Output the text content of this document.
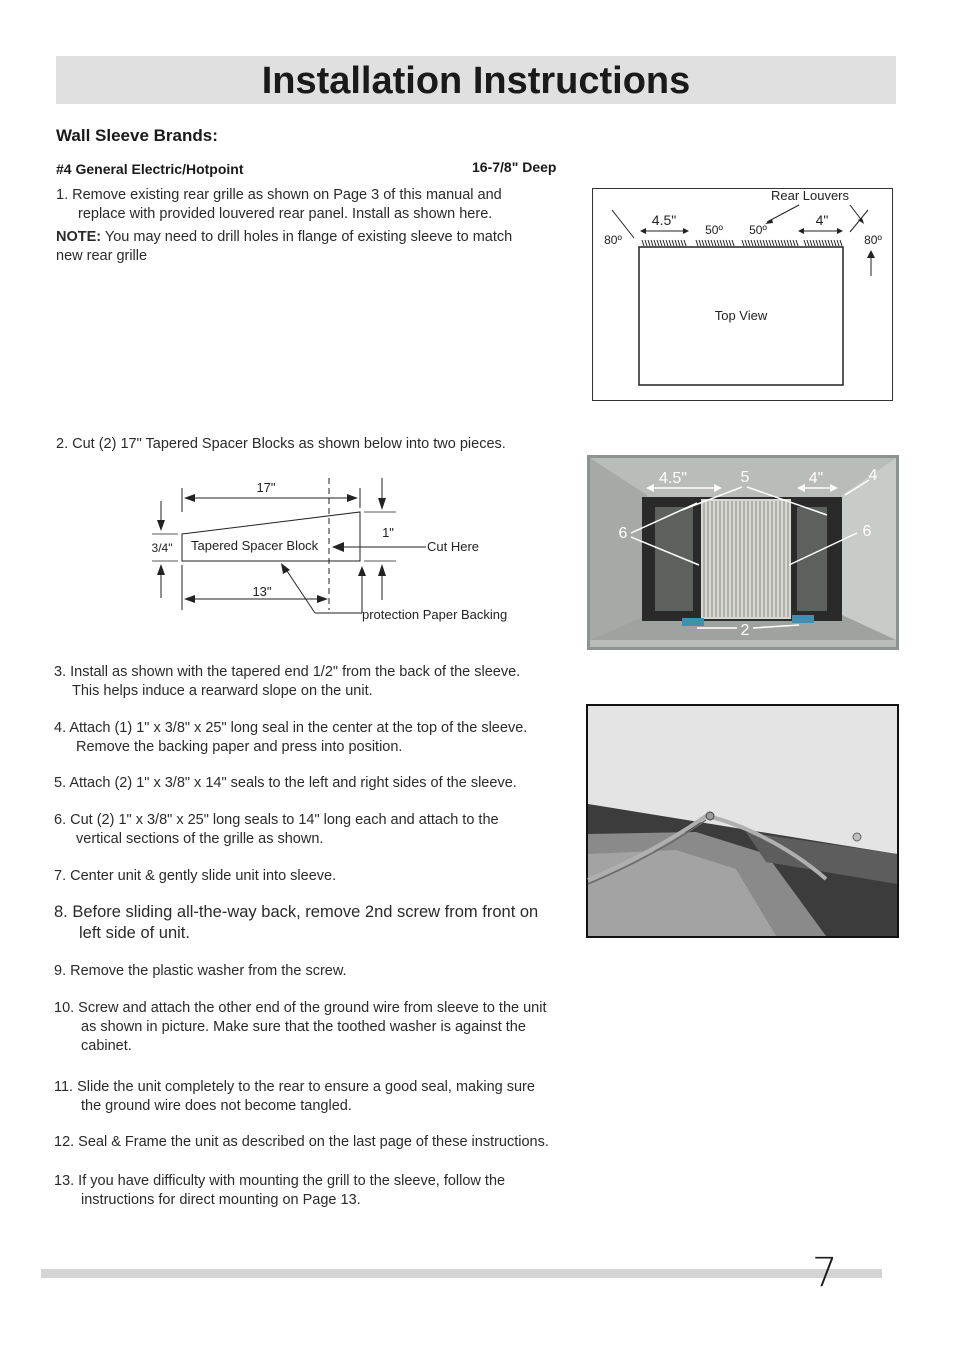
Installation Instructions
Wall Sleeve Brands:
#4 General Electric/Hotpoint	16-7/8" Deep
1. Remove existing rear grille as shown on Page 3 of this manual and
replace with provided louvered rear panel. Install as shown here.
NOTE: You may need to drill holes in flange of existing sleeve to match
new rear grille
Rear Louvers
Top View
4.5"	4"
50º 50º
80º	80º
2. Cut (2) 17" Tapered Spacer Blocks as shown below into two pieces.
17"
Tapered Spacer Block	Cut Here
3/4"
1"
13"
protection Paper Backing
4.5"	4"
5	4
6	6
2
3. Install as shown with the tapered end 1/2" from the back of the sleeve.
This helps induce a rearward slope on the unit.
4. Attach (1) 1" x 3/8" x 25" long seal in the center at the top of the sleeve.
Remove the backing paper and press into position.
5. Attach (2) 1" x 3/8" x 14" seals to the left and right sides of the sleeve.
6. Cut (2) 1" x 3/8" x 25" long seals to 14" long each and attach to the
vertical sections of the grille as shown.
7. Center unit & gently slide unit into sleeve.
8. Before sliding all-the-way back, remove 2nd screw from front on
left side of unit.
9. Remove the plastic washer from the screw.
10. Screw and attach the other end of the ground wire from sleeve to the unit
as shown in picture. Make sure that the toothed washer is against the
cabinet.
11. Slide the unit completely to the rear to ensure a good seal, making sure
the ground wire does not become tangled.
12. Seal & Frame the unit as described on the last page of these instructions.
13. If you have difficulty with mounting the grill to the sleeve, follow the
instructions for direct mounting on Page 13.
7
